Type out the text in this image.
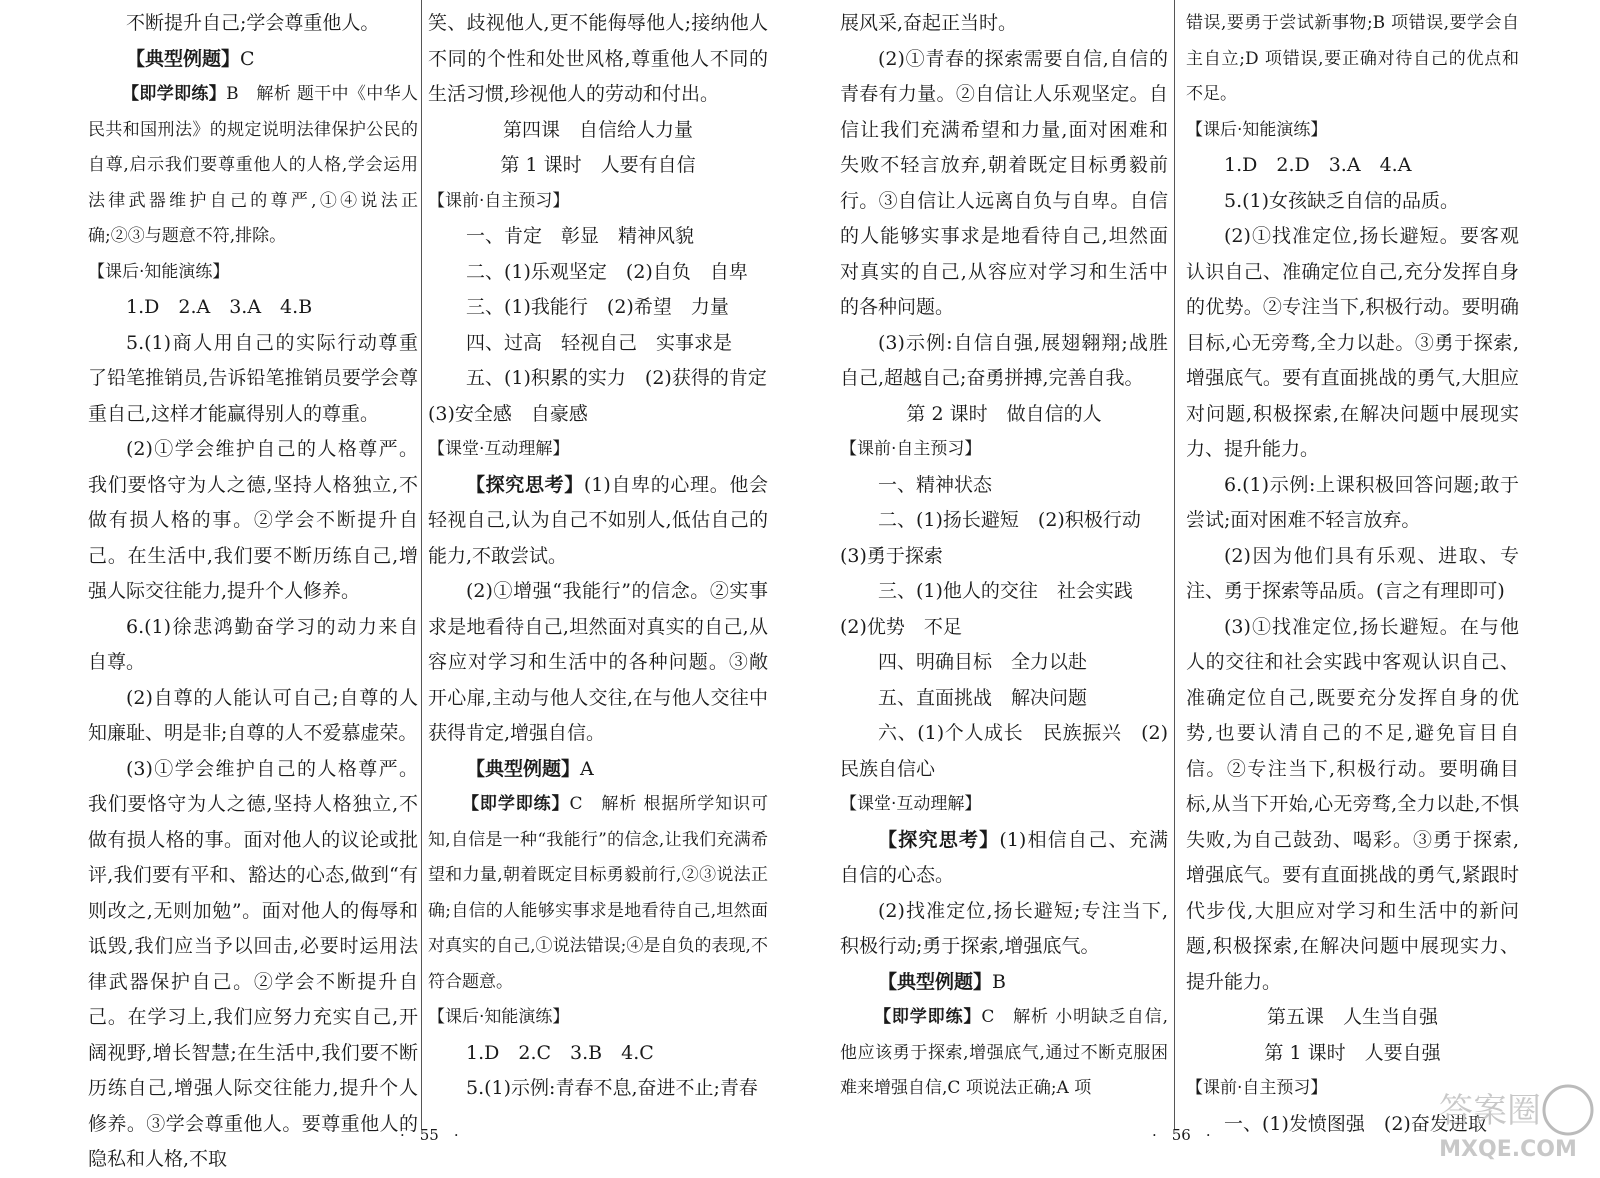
不断提升自己;学会尊重他人。

【典型例题】C

【即学即练】B　解析 题干中《中华人民共和国刑法》的规定说明法律保护公民的自尊,启示我们要尊重他人的人格,学会运用法律武器维护自己的尊严,①④说法正确;②③与题意不符,排除。

【课后·知能演练】

1.D　2.A　3.A　4.B

5.(1)商人用自己的实际行动尊重了铅笔推销员,告诉铅笔推销员要学会尊重自己,这样才能赢得别人的尊重。

(2)①学会维护自己的人格尊严。我们要恪守为人之德,坚持人格独立,不做有损人格的事。②学会不断提升自己。在生活中,我们要不断历练自己,增强人际交往能力,提升个人修养。

6.(1)徐悲鸿勤奋学习的动力来自自尊。

(2)自尊的人能认可自己;自尊的人知廉耻、明是非;自尊的人不爱慕虚荣。

(3)①学会维护自己的人格尊严。我们要恪守为人之德,坚持人格独立,不做有损人格的事。面对他人的议论或批评,我们要有平和、豁达的心态,做到“有则改之,无则加勉”。面对他人的侮辱和诋毁,我们应当予以回击,必要时运用法律武器保护自己。②学会不断提升自己。在学习上,我们应努力充实自己,开阔视野,增长智慧;在生活中,我们要不断历练自己,增强人际交往能力,提升个人修养。③学会尊重他人。要尊重他人的隐私和人格,不取

笑、歧视他人,更不能侮辱他人;接纳他人不同的个性和处世风格,尊重他人不同的生活习惯,珍视他人的劳动和付出。

第四课　自信给人力量

第 1 课时　人要有自信

【课前·自主预习】

一、肯定　彰显　精神风貌

二、(1)乐观坚定　(2)自负　自卑

三、(1)我能行　(2)希望　力量

四、过高　轻视自己　实事求是

五、(1)积累的实力　(2)获得的肯定

(3)安全感　自豪感

【课堂·互动理解】

【探究思考】(1)自卑的心理。他会轻视自己,认为自己不如别人,低估自己的能力,不敢尝试。

(2)①增强“我能行”的信念。②实事求是地看待自己,坦然面对真实的自己,从容应对学习和生活中的各种问题。③敞开心扉,主动与他人交往,在与他人交往中获得肯定,增强自信。

【典型例题】A

【即学即练】C　解析 根据所学知识可知,自信是一种“我能行”的信念,让我们充满希望和力量,朝着既定目标勇毅前行,②③说法正确;自信的人能够实事求是地看待自己,坦然面对真实的自己,①说法错误;④是自负的表现,不符合题意。

【课后·知能演练】

1.D　2.C　3.B　4.C

5.(1)示例:青春不息,奋进不止;青春

展风采,奋起正当时。

(2)①青春的探索需要自信,自信的青春有力量。②自信让人乐观坚定。自信让我们充满希望和力量,面对困难和失败不轻言放弃,朝着既定目标勇毅前行。③自信让人远离自负与自卑。自信的人能够实事求是地看待自己,坦然面对真实的自己,从容应对学习和生活中的各种问题。

(3)示例:自信自强,展翅翱翔;战胜自己,超越自己;奋勇拼搏,完善自我。

第 2 课时　做自信的人

【课前·自主预习】

一、精神状态

二、(1)扬长避短　(2)积极行动

(3)勇于探索

三、(1)他人的交往　社会实践

(2)优势　不足

四、明确目标　全力以赴

五、直面挑战　解决问题

六、(1)个人成长　民族振兴　(2)民族自信心

【课堂·互动理解】

【探究思考】(1)相信自己、充满自信的心态。

(2)找准定位,扬长避短;专注当下,积极行动;勇于探索,增强底气。

【典型例题】B

【即学即练】C　解析 小明缺乏自信,他应该勇于探索,增强底气,通过不断克服困难来增强自信,C 项说法正确;A 项

错误,要勇于尝试新事物;B 项错误,要学会自主自立;D 项错误,要正确对待自己的优点和不足。

【课后·知能演练】

1.D　2.D　3.A　4.A

5.(1)女孩缺乏自信的品质。

(2)①找准定位,扬长避短。要客观认识自己、准确定位自己,充分发挥自身的优势。②专注当下,积极行动。要明确目标,心无旁骛,全力以赴。③勇于探索,增强底气。要有直面挑战的勇气,大胆应对问题,积极探索,在解决问题中展现实力、提升能力。

6.(1)示例:上课积极回答问题;敢于尝试;面对困难不轻言放弃。

(2)因为他们具有乐观、进取、专注、勇于探索等品质。(言之有理即可)

(3)①找准定位,扬长避短。在与他人的交往和社会实践中客观认识自己、准确定位自己,既要充分发挥自身的优势,也要认清自己的不足,避免盲目自信。②专注当下,积极行动。要明确目标,从当下开始,心无旁骛,全力以赴,不惧失败,为自己鼓劲、喝彩。③勇于探索,增强底气。要有直面挑战的勇气,紧跟时代步伐,大胆应对学习和生活中的新问题,积极探索,在解决问题中展现实力、提升能力。

第五课　人生当自强

第 1 课时　人要自强

【课前·自主预习】

一、(1)发愤图强　(2)奋发进取

·　55　·	·　56　·
答案圈
MXQE.COM
